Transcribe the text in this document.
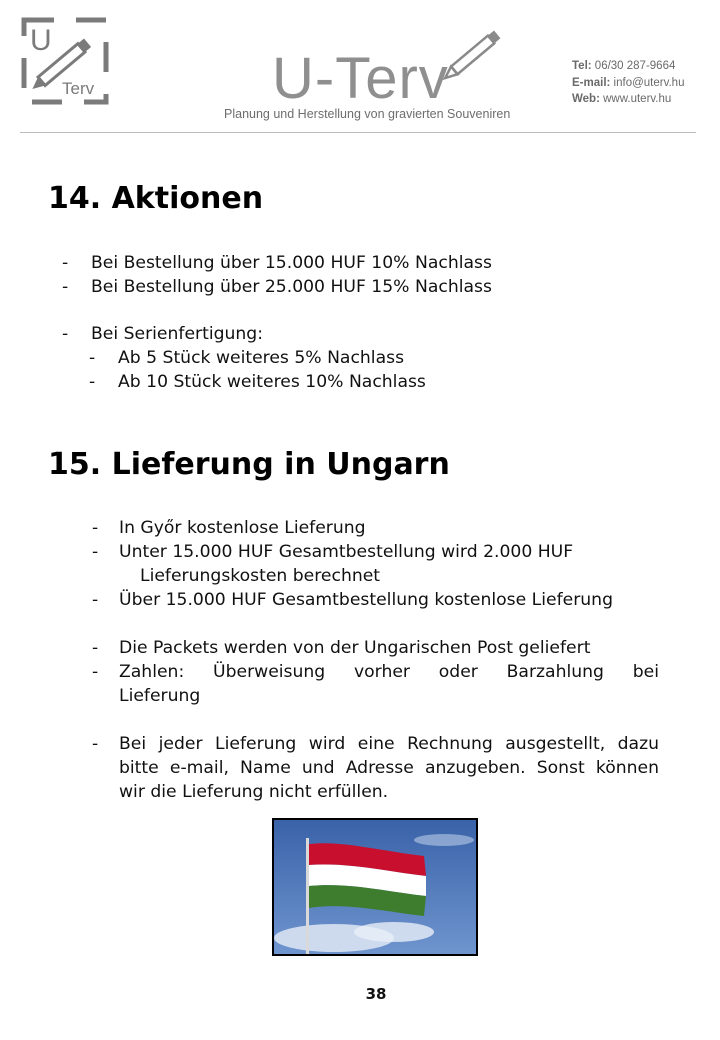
U
Terv	U-Terv
Planung und Herstellung von gravierten Souveniren
Tel: 06/30 287-9664
E-mail: info@uterv.hu
Web: www.uterv.hu
14. Aktionen
- Bei Bestellung über 15.000 HUF 10% Nachlass
- Bei Bestellung über 25.000 HUF 15% Nachlass
- Bei Serienfertigung:
- Ab 5 Stück weiteres 5% Nachlass
- Ab 10 Stück weiteres 10% Nachlass
15. Lieferung in Ungarn
- In Győr kostenlose Lieferung
- Unter 15.000 HUF Gesamtbestellung wird 2.000 HUF
Lieferungskosten berechnet
- Über 15.000 HUF Gesamtbestellung kostenlose Lieferung
- Die Packets werden von der Ungarischen Post geliefert
- Zahlen: Überweisung vorher oder Barzahlung bei
Lieferung
- Bei jeder Lieferung wird eine Rechnung ausgestellt, dazu
bitte e-mail, Name und Adresse anzugeben. Sonst können
wir die Lieferung nicht erfüllen.
38
